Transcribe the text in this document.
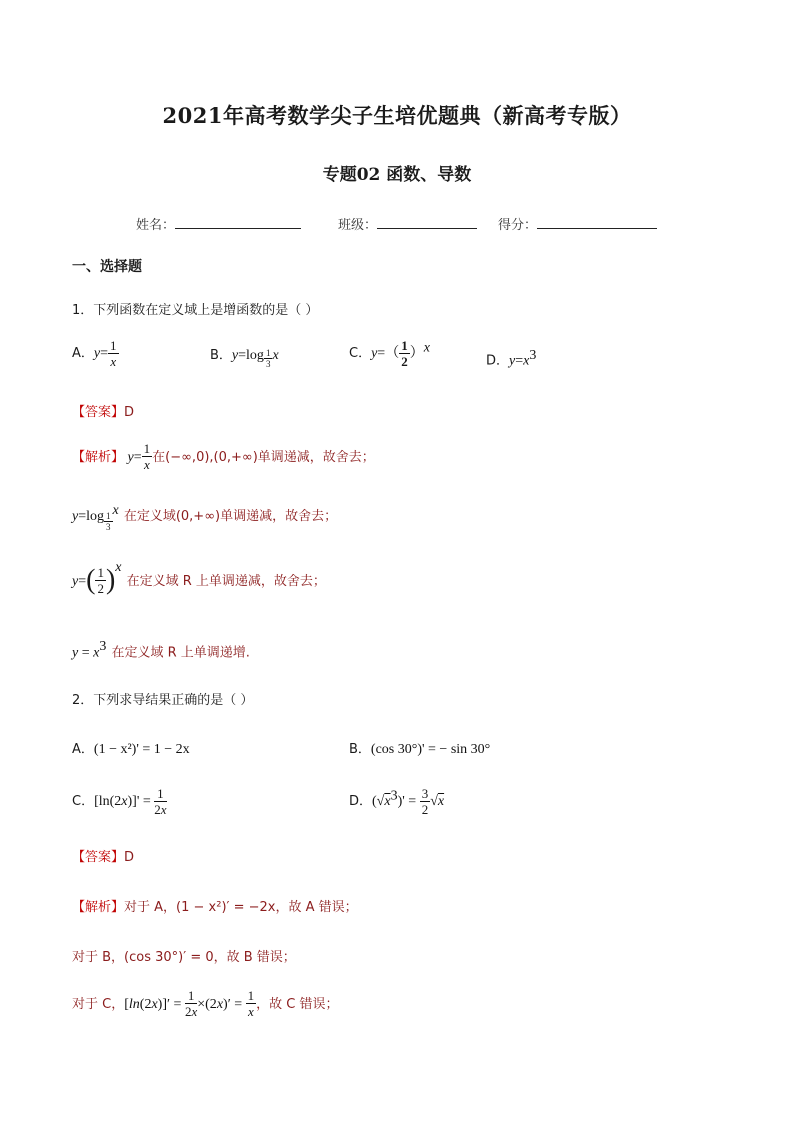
2021年高考数学尖子生培优题典（新高考专版）
专题02 函数、导数
姓名：	班级：	得分：
一、选择题
1．下列函数在定义域上是增函数的是（ ）
A．$y= \frac{1}{x}$	B．$y=\log \frac{1}{3}$ x	C．$y=( \frac{1}{2} )^x$
D．$y=x^3$
【答案】D
【解析】 $y= \frac{1}{x}$ 在(−∞,0),(0,+∞)单调递减，故舍去；
$y=\log \frac{1}{3}$
x 在定义域(0,+∞)单调递减，故舍去；
$y=( \frac{1}{2} )^x$ 在定义域 R 上单调递减，故舍去；
$y = x^3$ 在定义域 R 上单调递增.
2．下列求导结果正确的是（ ）
A．(1 − x²)' = 1 − 2x	B．(cos 30°)' = − sin 30°
C．$[\ln(2x)]' = \frac{1}{2x}$	D．$(√x^3)' = \frac{3}{2} √x$
【答案】D
【解析】对于 A，(1 − x²)′ = −2x，故 A 错误；
对于 B，(cos 30°)′ = 0，故 B 错误；
对于 C，$[\ln(2x)]' = \frac{1}{2x} \times(2x)' = \frac{1}{x}$ ，故 C 错误；
